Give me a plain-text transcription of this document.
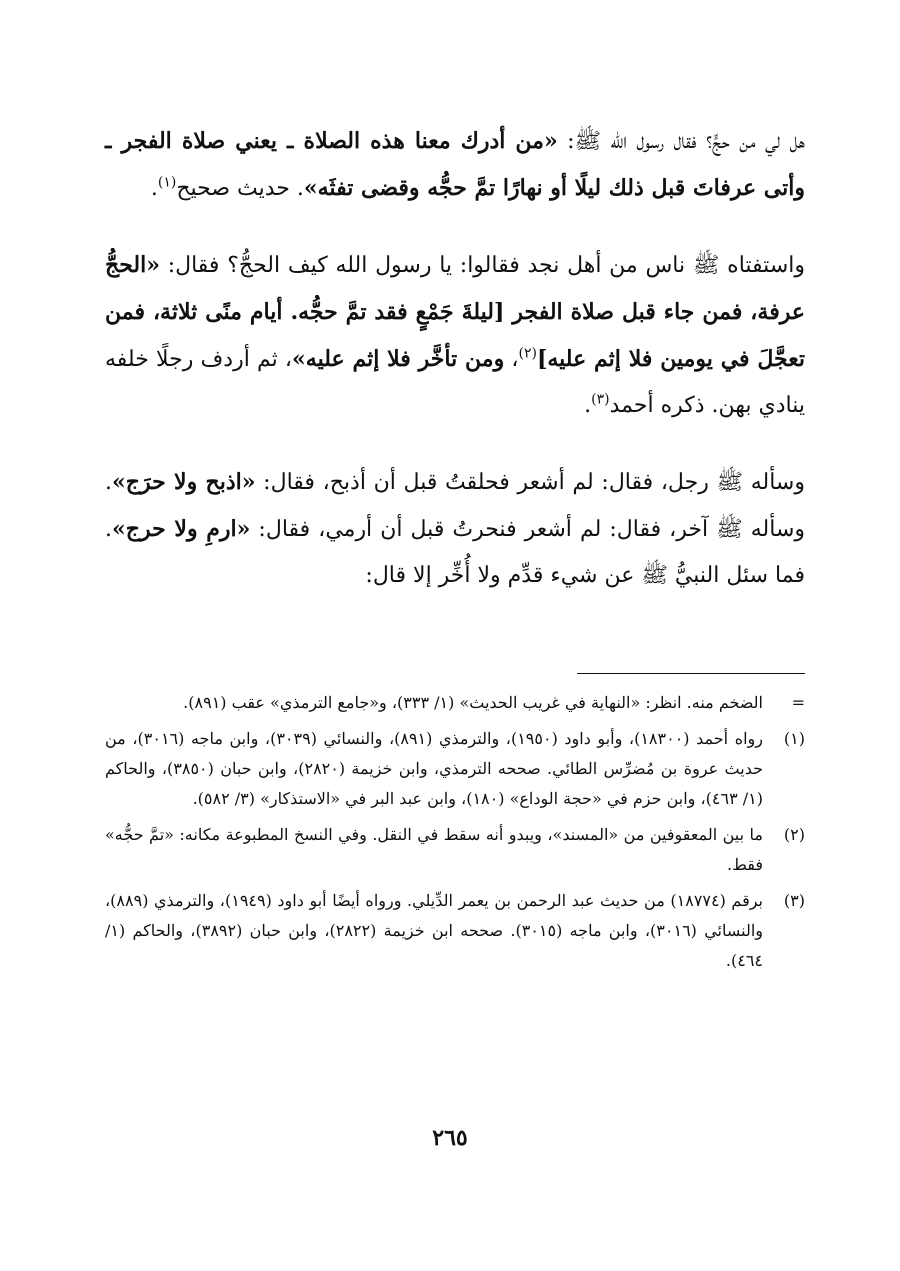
هل لي من حجٍّ؟ فقال رسول الله ﷺ: «من أدرك معنا هذه الصلاة ـ يعني صلاة الفجر ـ وأتى عرفاتَ قبل ذلك ليلًا أو نهارًا تمَّ حجُّه وقضى تفثَه». حديث صحيح$^{(١)}$.

واستفتاه ﷺ ناس من أهل نجد فقالوا: يا رسول الله كيف الحجُّ؟ فقال: «الحجُّ عرفة، فمن جاء قبل صلاة الفجر [ليلةَ جَمْعٍ فقد تمَّ حجُّه. أيام منًى ثلاثة، فمن تعجَّلَ في يومين فلا إثم عليه]$^{(٢)}$، ومن تأخَّر فلا إثم عليه»، ثم أردف رجلًا خلفه ينادي بهن. ذكره أحمد$^{(٣)}$.

وسأله ﷺ رجل، فقال: لم أشعر فحلقتُ قبل أن أذبح، فقال: «اذبح ولا حرَج». وسأله ﷺ آخر، فقال: لم أشعر فنحرتُ قبل أن أرمي، فقال: «ارمِ ولا حرج». فما سئل النبيُّ ﷺ عن شيء قدِّم ولا أُخِّر إلا قال:

=
الضخم منه. انظر: «النهاية في غريب الحديث» (١/ ٣٣٣)، و«جامع الترمذي» عقب (٨٩١).
(١)
رواه أحمد (١٨٣٠٠)، وأبو داود (١٩٥٠)، والترمذي (٨٩١)، والنسائي (٣٠٣٩)، وابن ماجه (٣٠١٦)، من حديث عروة بن مُضرِّس الطائي. صححه الترمذي، وابن خزيمة (٢٨٢٠)، وابن حبان (٣٨٥٠)، والحاكم (١/ ٤٦٣)، وابن حزم في «حجة الوداع» (١٨٠)، وابن عبد البر في «الاستذكار» (٣/ ٥٨٢).
(٢)
ما بين المعقوفين من «المسند»، ويبدو أنه سقط في النقل. وفي النسخ المطبوعة مكانه: «تمَّ حجُّه» فقط.
(٣)
برقم (١٨٧٧٤) من حديث عبد الرحمن بن يعمر الدِّيلي. ورواه أيضًا أبو داود (١٩٤٩)، والترمذي (٨٨٩)، والنسائي (٣٠١٦)، وابن ماجه (٣٠١٥). صححه ابن خزيمة (٢٨٢٢)، وابن حبان (٣٨٩٢)، والحاكم (١/ ٤٦٤).
٢٦٥
